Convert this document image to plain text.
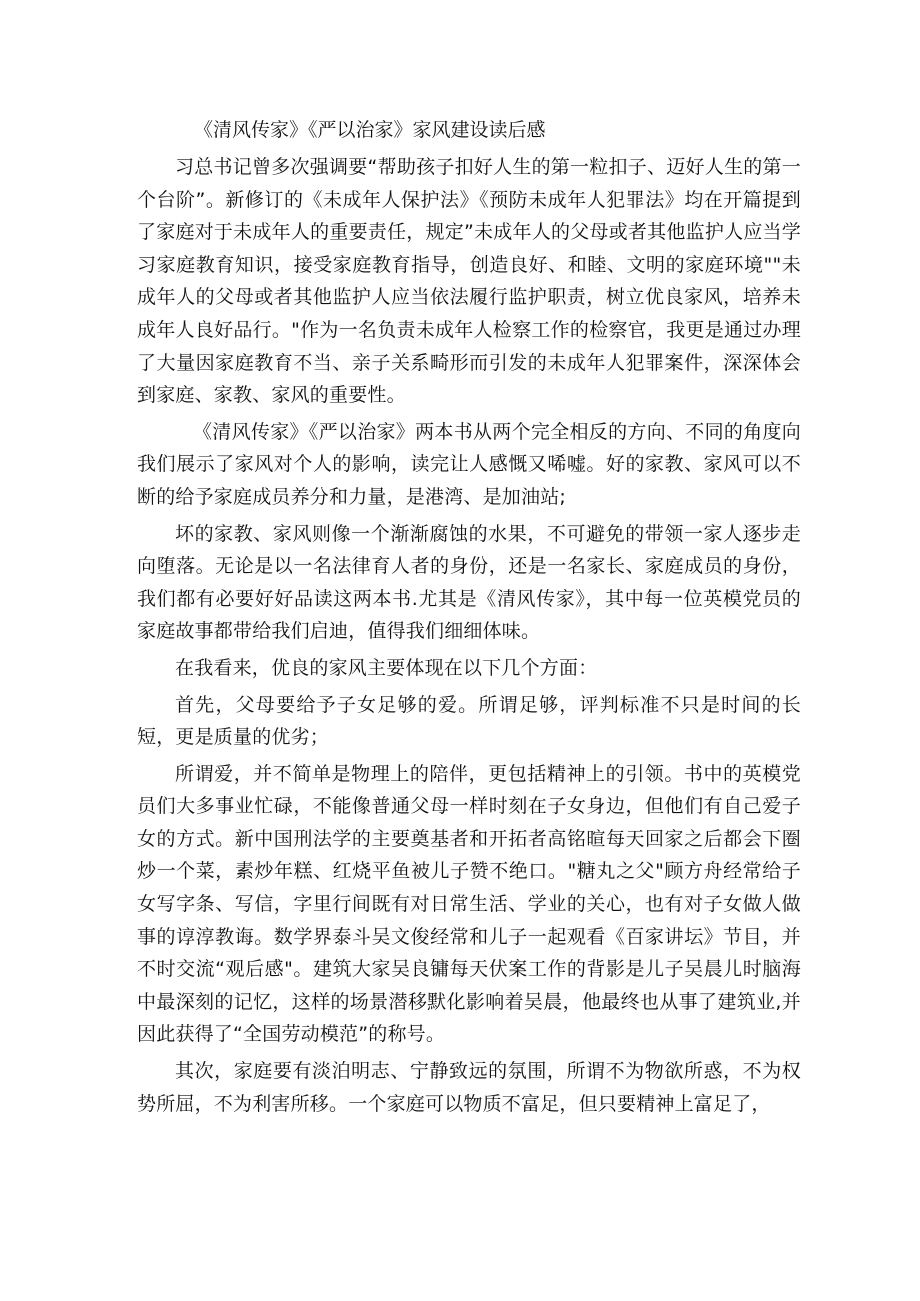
《清风传家》《严以治家》家风建设读后感

习总书记曾多次强调要“帮助孩子扣好人生的第一粒扣子、迈好人生的第一个台阶”。新修订的《未成年人保护法》《预防未成年人犯罪法》均在开篇提到了家庭对于未成年人的重要责任，规定”未成年人的父母或者其他监护人应当学习家庭教育知识，接受家庭教育指导，创造良好、和睦、文明的家庭环境""未成年人的父母或者其他监护人应当依法履行监护职责，树立优良家风，培养未成年人良好品行。"作为一名负责未成年人检察工作的检察官，我更是通过办理了大量因家庭教育不当、亲子关系畸形而引发的未成年人犯罪案件，深深体会到家庭、家教、家风的重要性。

《清风传家》《严以治家》两本书从两个完全相反的方向、不同的角度向我们展示了家风对个人的影响，读完让人感慨又唏嘘。好的家教、家风可以不断的给予家庭成员养分和力量，是港湾、是加油站;

坏的家教、家风则像一个渐渐腐蚀的水果，不可避免的带领一家人逐步走向堕落。无论是以一名法律育人者的身份，还是一名家长、家庭成员的身份，我们都有必要好好品读这两本书.尤其是《清风传家》，其中每一位英模党员的家庭故事都带给我们启迪，值得我们细细体味。

在我看来，优良的家风主要体现在以下几个方面：

首先，父母要给予子女足够的爱。所谓足够，评判标准不只是时间的长短，更是质量的优劣；

所谓爱，并不简单是物理上的陪伴，更包括精神上的引领。书中的英模党员们大多事业忙碌，不能像普通父母一样时刻在子女身边，但他们有自己爱子女的方式。新中国刑法学的主要奠基者和开拓者高铭暄每天回家之后都会下圈炒一个菜，素炒年糕、红烧平鱼被儿子赞不绝口。"糖丸之父"顾方舟经常给子女写字条、写信，字里行间既有对日常生活、学业的关心，也有对子女做人做事的谆淳教诲。数学界泰斗吴文俊经常和儿子一起观看《百家讲坛》节目，并不时交流“观后感"。建筑大家吴良镛每天伏案工作的背影是儿子吴晨儿时脑海中最深刻的记忆，这样的场景潜移默化影响着吴晨，他最终也从事了建筑业,并因此获得了“全国劳动模范”的称号。

其次，家庭要有淡泊明志、宁静致远的氛围，所谓不为物欲所惑，不为权势所屈，不为利害所移。一个家庭可以物质不富足，但只要精神上富足了，
